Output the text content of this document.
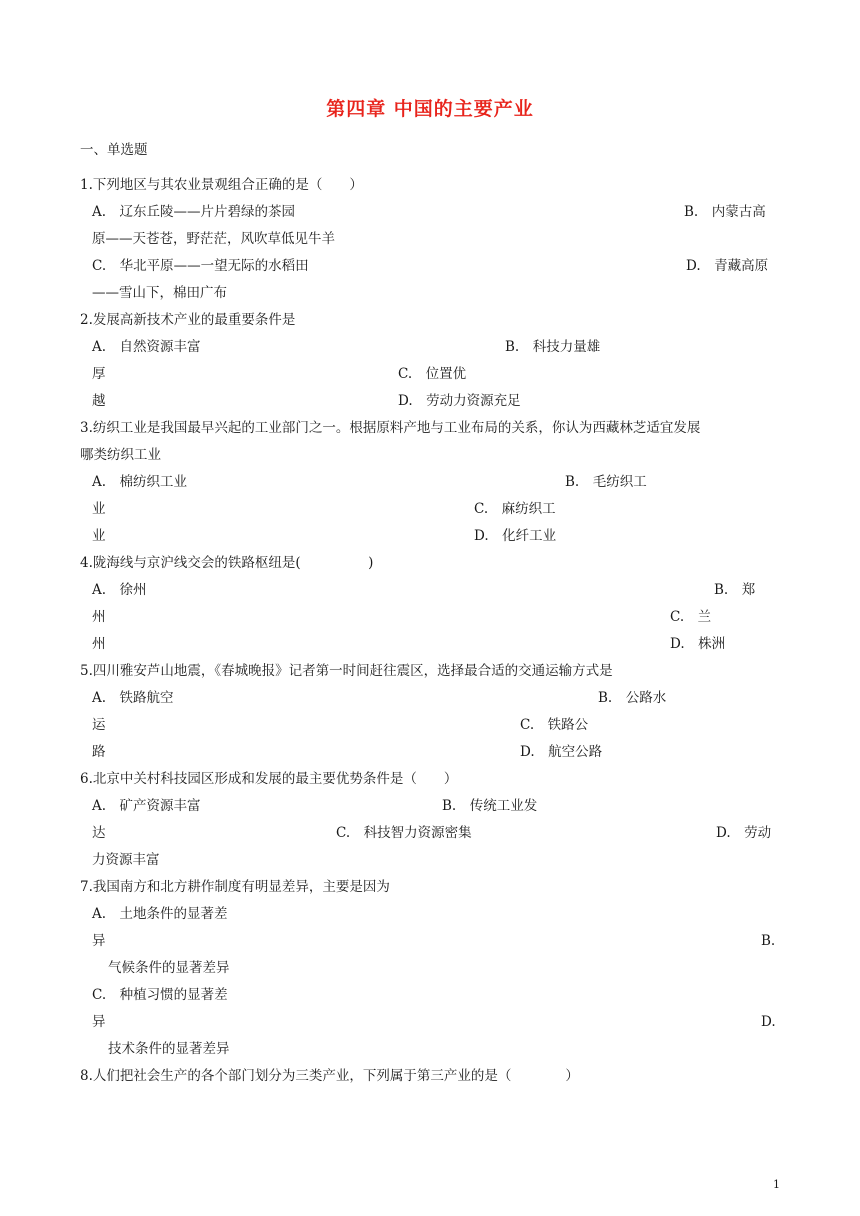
第四章 中国的主要产业
一、单选题
1.下列地区与其农业景观组合正确的是（　　）
A.　辽东丘陵——片片碧绿的茶园	B.　内蒙古高
原——天苍苍，野茫茫，风吹草低见牛羊
C.　华北平原——一望无际的水稻田	D.　青藏高原
——雪山下，棉田广布
2.发展高新技术产业的最重要条件是
A.　自然资源丰富	B.　科技力量雄
厚	C.　位置优
越	D.　劳动力资源充足
3.纺织工业是我国最早兴起的工业部门之一。根据原料产地与工业布局的关系，你认为西藏林芝适宜发展
哪类纺织工业
A.　棉纺织工业	B.　毛纺织工
业	C.　麻纺织工
业	D.　化纤工业
4.陇海线与京沪线交会的铁路枢纽是(　　　　　)
A.　徐州	B.　郑
州	C.　兰
州	D.　株洲
5.四川雅安芦山地震，《春城晚报》记者第一时间赶往震区，选择最合适的交通运输方式是
A.　铁路航空	B.　公路水
运	C.　铁路公
路	D.　航空公路
6.北京中关村科技园区形成和发展的最主要优势条件是（　　）
A.　矿产资源丰富	B.　传统工业发
达	C.　科技智力资源密集	D.　劳动
力资源丰富
7.我国南方和北方耕作制度有明显差异，主要是因为
A.　土地条件的显著差
异	B.
气候条件的显著差异
C.　种植习惯的显著差
异	D.
技术条件的显著差异
8.人们把社会生产的各个部门划分为三类产业，下列属于第三产业的是（　　　　）
1
